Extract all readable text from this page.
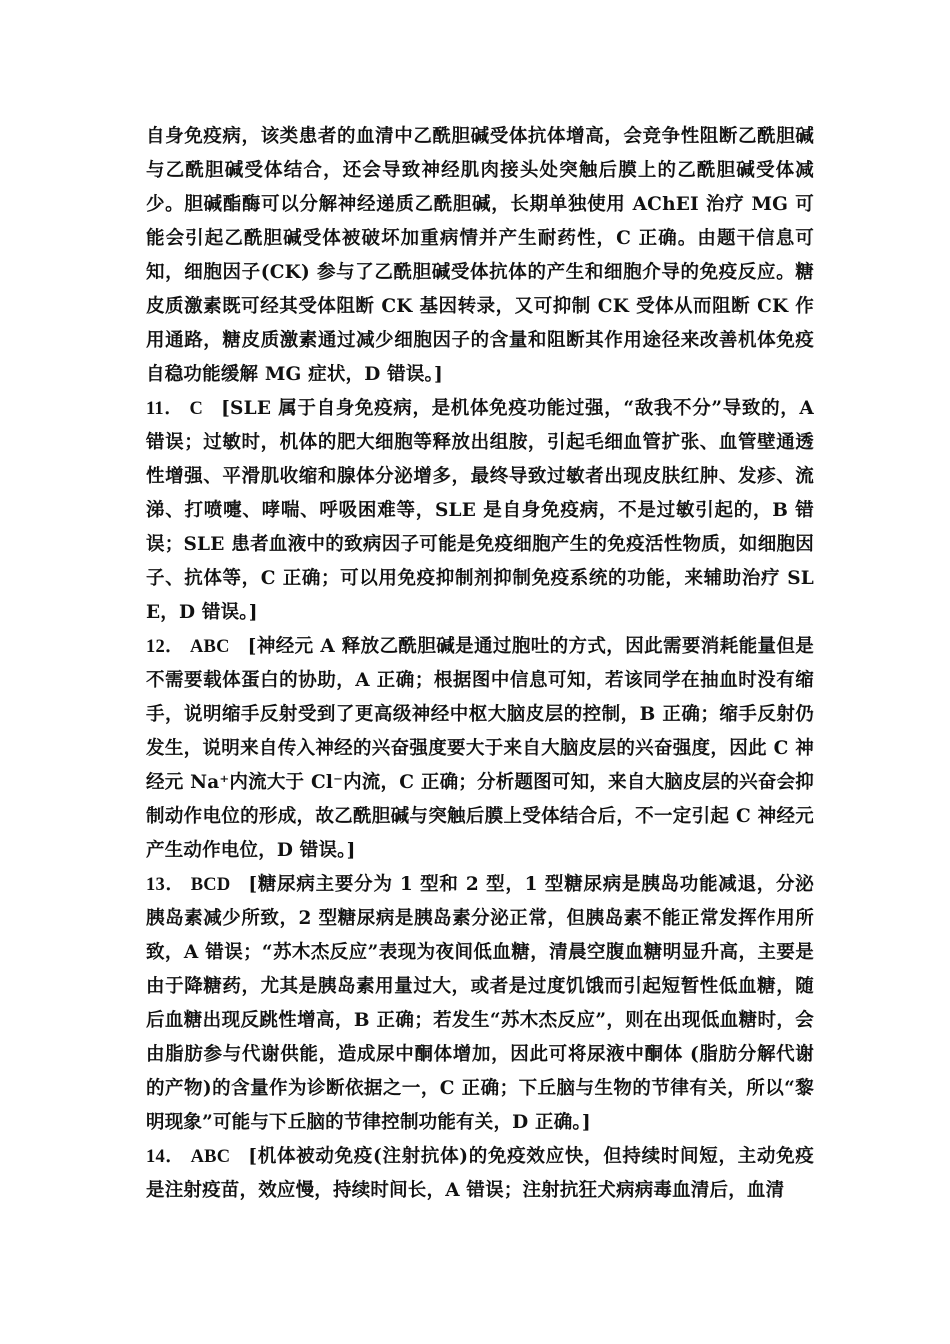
自身免疫病，该类患者的血清中乙酰胆碱受体抗体增高，会竞争性阻断乙酰胆碱与乙酰胆碱受体结合，还会导致神经肌肉接头处突触后膜上的乙酰胆碱受体减少。胆碱酯酶可以分解神经递质乙酰胆碱，长期单独使用 AChEI 治疗 MG 可能会引起乙酰胆碱受体被破坏加重病情并产生耐药性，C 正确。由题干信息可知，细胞因子(CK) 参与了乙酰胆碱受体抗体的产生和细胞介导的免疫反应。糖皮质激素既可经其受体阻断 CK 基因转录，又可抑制 CK 受体从而阻断 CK 作用通路，糖皮质激素通过减少细胞因子的含量和阻断其作用途径来改善机体免疫自稳功能缓解 MG 症状，D 错误。]

11． C [SLE 属于自身免疫病，是机体免疫功能过强，“敌我不分”导致的，A 错误；过敏时，机体的肥大细胞等释放出组胺，引起毛细血管扩张、血管壁通透性增强、平滑肌收缩和腺体分泌增多，最终导致过敏者出现皮肤红肿、发疹、流涕、打喷嚏、哮喘、呼吸困难等，SLE 是自身免疫病，不是过敏引起的，B 错误；SLE 患者血液中的致病因子可能是免疫细胞产生的免疫活性物质，如细胞因子、抗体等，C 正确；可以用免疫抑制剂抑制免疫系统的功能，来辅助治疗 SLE，D 错误。]

12． ABC [神经元 A 释放乙酰胆碱是通过胞吐的方式，因此需要消耗能量但是不需要载体蛋白的协助，A 正确；根据图中信息可知，若该同学在抽血时没有缩手，说明缩手反射受到了更高级神经中枢大脑皮层的控制，B 正确；缩手反射仍发生，说明来自传入神经的兴奋强度要大于来自大脑皮层的兴奋强度，因此 C 神经元 Na⁺内流大于 Cl⁻内流，C 正确；分析题图可知，来自大脑皮层的兴奋会抑制动作电位的形成，故乙酰胆碱与突触后膜上受体结合后，不一定引起 C 神经元产生动作电位，D 错误。]

13． BCD [糖尿病主要分为 1 型和 2 型，1 型糖尿病是胰岛功能减退，分泌胰岛素减少所致，2 型糖尿病是胰岛素分泌正常，但胰岛素不能正常发挥作用所致，A 错误；“苏木杰反应”表现为夜间低血糖，清晨空腹血糖明显升高，主要是由于降糖药，尤其是胰岛素用量过大，或者是过度饥饿而引起短暂性低血糖，随后血糖出现反跳性增高，B 正确；若发生“苏木杰反应”，则在出现低血糖时，会由脂肪参与代谢供能，造成尿中酮体增加，因此可将尿液中酮体 (脂肪分解代谢的产物)的含量作为诊断依据之一，C 正确；下丘脑与生物的节律有关，所以“黎明现象”可能与下丘脑的节律控制功能有关，D 正确。]

14． ABC [机体被动免疫(注射抗体)的免疫效应快，但持续时间短，主动免疫是注射疫苗，效应慢，持续时间长，A 错误；注射抗狂犬病病毒血清后，血清
